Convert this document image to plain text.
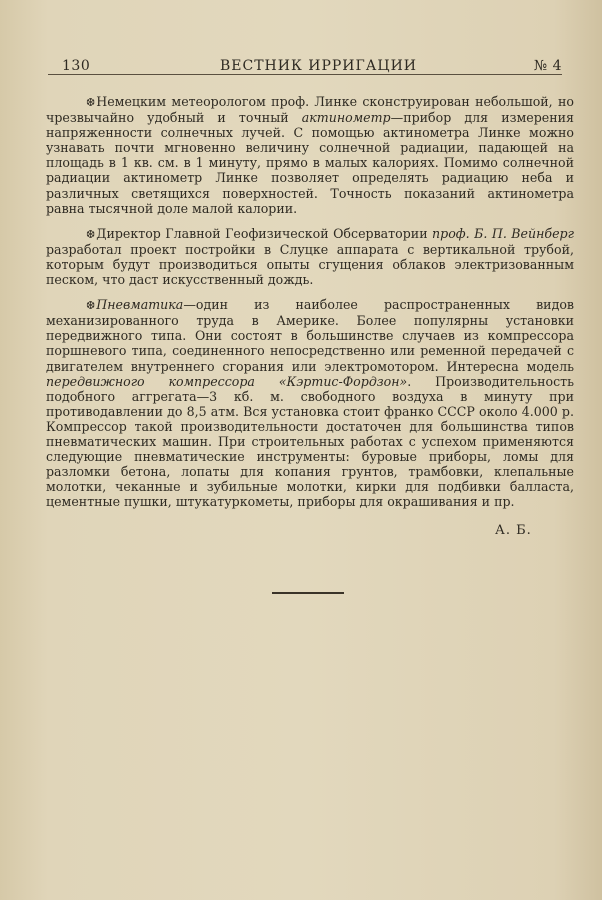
130	ВЕСТНИК ИРРИГАЦИИ	№ 4

❆Немецким метеорологом проф. Линке сконструирован небольшой, но чрезвычайно удобный и точный актинометр—прибор для измерения напряженности солнечных лучей. С помощью актинометра Линке можно узнавать почти мгновенно величину солнечной радиации, падающей на площадь в 1 кв. см. в 1 минуту, прямо в малых калориях. Помимо солнечной радиации актинометр Линке позволяет определять радиацию неба и различных светящихся поверхностей. Точность показаний актинометра равна тысячной доле малой калории.

❆Директор Главной Геофизической Обсерватории проф. Б. П. Вейнберг разработал проект постройки в Слуцке аппарата с вертикальной трубой, которым будут производиться опыты сгущения облаков электризованным песком, что даст искусственный дождь.

❆Пневматика—один из наиболее распространенных видов механизированного труда в Америке. Более популярны установки передвижного типа. Они состоят в большинстве случаев из компрессора поршневого типа, соединенного непосредственно или ременной передачей с двигателем внутреннего сгорания или электромотором. Интересна модель передвижного компрессора «Кэртис-Фордзон». Производительность подобного аггрегата—3 кб. м. свободного воздуха в минуту при противодавлении до 8,5 атм. Вся установка стоит франко СССР около 4.000 р. Компрессор такой производительности достаточен для большинства типов пневматических машин. При строительных работах с успехом применяются следующие пневматические инструменты: буровые приборы, ломы для разломки бетона, лопаты для копания грунтов, трамбовки, клепальные молотки, чеканные и зубильные молотки, кирки для подбивки балласта, цементные пушки, штукатуркометы, приборы для окрашивания и пр.

А. Б.
